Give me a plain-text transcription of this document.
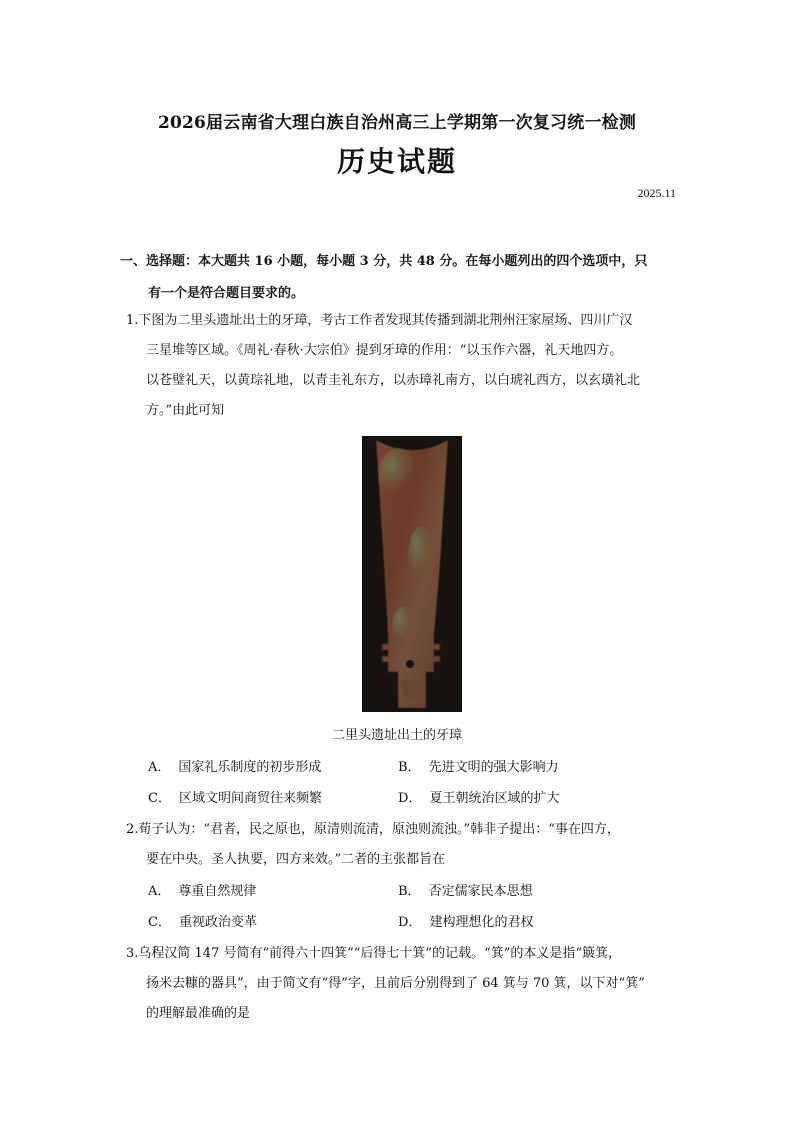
2026届云南省大理白族自治州高三上学期第一次复习统一检测
历史试题
2025.11
一、选择题：本大题共 16 小题，每小题 3 分，共 48 分。在每小题列出的四个选项中，只
有一个是符合题目要求的。
1.下图为二里头遗址出土的牙璋，考古工作者发现其传播到湖北荆州汪家屋场、四川广汉
三星堆等区域。《周礼·春秋·大宗伯》提到牙璋的作用：“以玉作六器，礼天地四方。
以苍璧礼天，以黄琮礼地，以青圭礼东方，以赤璋礼南方，以白琥礼西方，以玄璜礼北
方。”由此可知
二里头遗址出土的牙璋
A． 国家礼乐制度的初步形成	B． 先进文明的强大影响力
C． 区域文明间商贸往来频繁	D． 夏王朝统治区域的扩大
2.荀子认为：“君者，民之原也，原清则流清，原浊则流浊。”韩非子提出：“事在四方，
要在中央。圣人执要，四方来效。”二者的主张都旨在
A． 尊重自然规律	B． 否定儒家民本思想
C． 重视政治变革	D． 建构理想化的君权
3.乌程汉简 147 号简有“前得六十四箕”“后得七十箕”的记载。“箕”的本义是指“簸箕，
扬米去糠的器具”，由于简文有“得”字，且前后分别得到了 64 箕与 70 箕，以下对“箕”
的理解最准确的是
